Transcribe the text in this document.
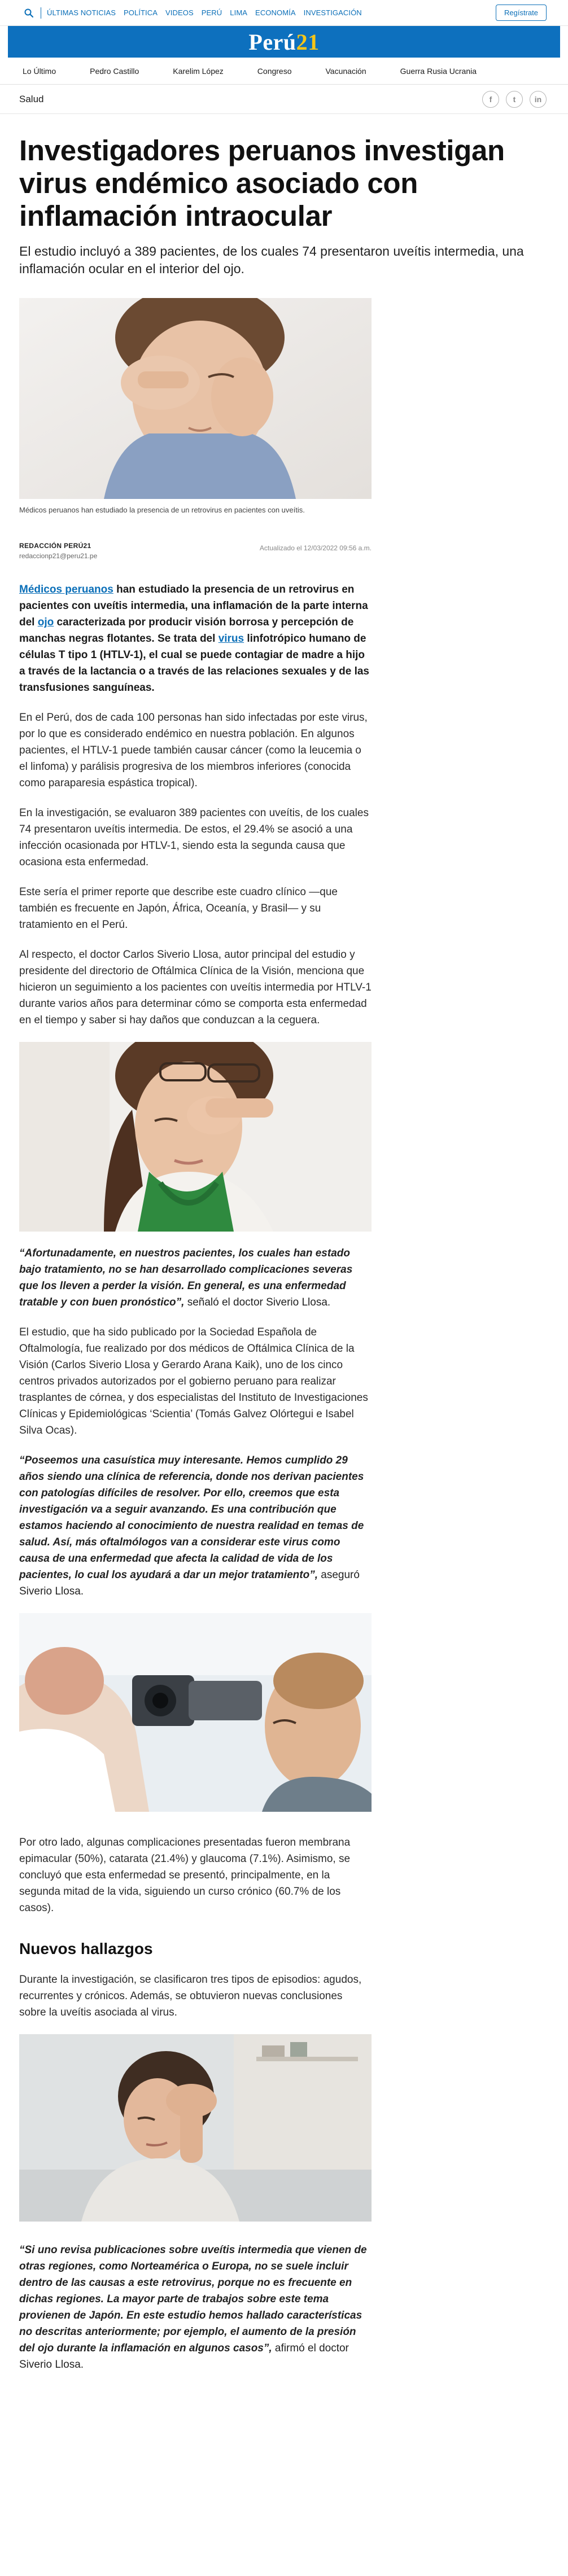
ÚLTIMAS NOTICIAS POLÍTICA VIDEOS PERÚ LIMA ECONOMÍA INVESTIGACIÓN	Regístrate
Perú21
Lo Último	Pedro Castillo	Karelim López	Congreso	Vacunación	Guerra Rusia Ucrania
Salud	f	t	in
Investigadores peruanos investigan virus endémico asociado con inflamación intraocular

El estudio incluyó a 389 pacientes, de los cuales 74 presentaron uveítis intermedia, una inflamación ocular en el interior del ojo.

Médicos peruanos han estudiado la presencia de un retrovirus en pacientes con uveítis.

REDACCIÓN PERÚ21
redaccionp21@peru21.pe
Actualizado el 12/03/2022 09:56 a.m.

Médicos peruanos han estudiado la presencia de un retrovirus en pacientes con uveítis intermedia, una inflamación de la parte interna del ojo caracterizada por producir visión borrosa y percepción de manchas negras flotantes. Se trata del virus linfotrópico humano de células T tipo 1 (HTLV-1), el cual se puede contagiar de madre a hijo a través de la lactancia o a través de las relaciones sexuales y de las transfusiones sanguíneas.

En el Perú, dos de cada 100 personas han sido infectadas por este virus, por lo que es considerado endémico en nuestra población. En algunos pacientes, el HTLV-1 puede también causar cáncer (como la leucemia o el linfoma) y parálisis progresiva de los miembros inferiores (conocida como paraparesia espástica tropical).

En la investigación, se evaluaron 389 pacientes con uveítis, de los cuales 74 presentaron uveítis intermedia. De estos, el 29.4% se asoció a una infección ocasionada por HTLV-1, siendo esta la segunda causa que ocasiona esta enfermedad.

Este sería el primer reporte que describe este cuadro clínico —que también es frecuente en Japón, África, Oceanía, y Brasil— y su tratamiento en el Perú.

Al respecto, el doctor Carlos Siverio Llosa, autor principal del estudio y presidente del directorio de Oftálmica Clínica de la Visión, menciona que hicieron un seguimiento a los pacientes con uveítis intermedia por HTLV-1 durante varios años para determinar cómo se comporta esta enfermedad en el tiempo y saber si hay daños que conduzcan a la ceguera.

“Afortunadamente, en nuestros pacientes, los cuales han estado bajo tratamiento, no se han desarrollado complicaciones severas que los lleven a perder la visión. En general, es una enfermedad tratable y con buen pronóstico”, señaló el doctor Siverio Llosa.

El estudio, que ha sido publicado por la Sociedad Española de Oftalmología, fue realizado por dos médicos de Oftálmica Clínica de la Visión (Carlos Siverio Llosa y Gerardo Arana Kaik), uno de los cinco centros privados autorizados por el gobierno peruano para realizar trasplantes de córnea, y dos especialistas del Instituto de Investigaciones Clínicas y Epidemiológicas ‘Scientia’ (Tomás Galvez Olórtegui e Isabel Silva Ocas).

“Poseemos una casuística muy interesante. Hemos cumplido 29 años siendo una clínica de referencia, donde nos derivan pacientes con patologías difíciles de resolver. Por ello, creemos que esta investigación va a seguir avanzando. Es una contribución que estamos haciendo al conocimiento de nuestra realidad en temas de salud. Así, más oftalmólogos van a considerar este virus como causa de una enfermedad que afecta la calidad de vida de los pacientes, lo cual los ayudará a dar un mejor tratamiento”, aseguró Siverio Llosa.

Por otro lado, algunas complicaciones presentadas fueron membrana epimacular (50%), catarata (21.4%) y glaucoma (7.1%). Asimismo, se concluyó que esta enfermedad se presentó, principalmente, en la segunda mitad de la vida, siguiendo un curso crónico (60.7% de los casos).

Nuevos hallazgos

Durante la investigación, se clasificaron tres tipos de episodios: agudos, recurrentes y crónicos. Además, se obtuvieron nuevas conclusiones sobre la uveítis asociada al virus.

“Si uno revisa publicaciones sobre uveítis intermedia que vienen de otras regiones, como Norteamérica o Europa, no se suele incluir dentro de las causas a este retrovirus, porque no es frecuente en dichas regiones. La mayor parte de trabajos sobre este tema provienen de Japón. En este estudio hemos hallado características no descritas anteriormente; por ejemplo, el aumento de la presión del ojo durante la inflamación en algunos casos”, afirmó el doctor Siverio Llosa.
